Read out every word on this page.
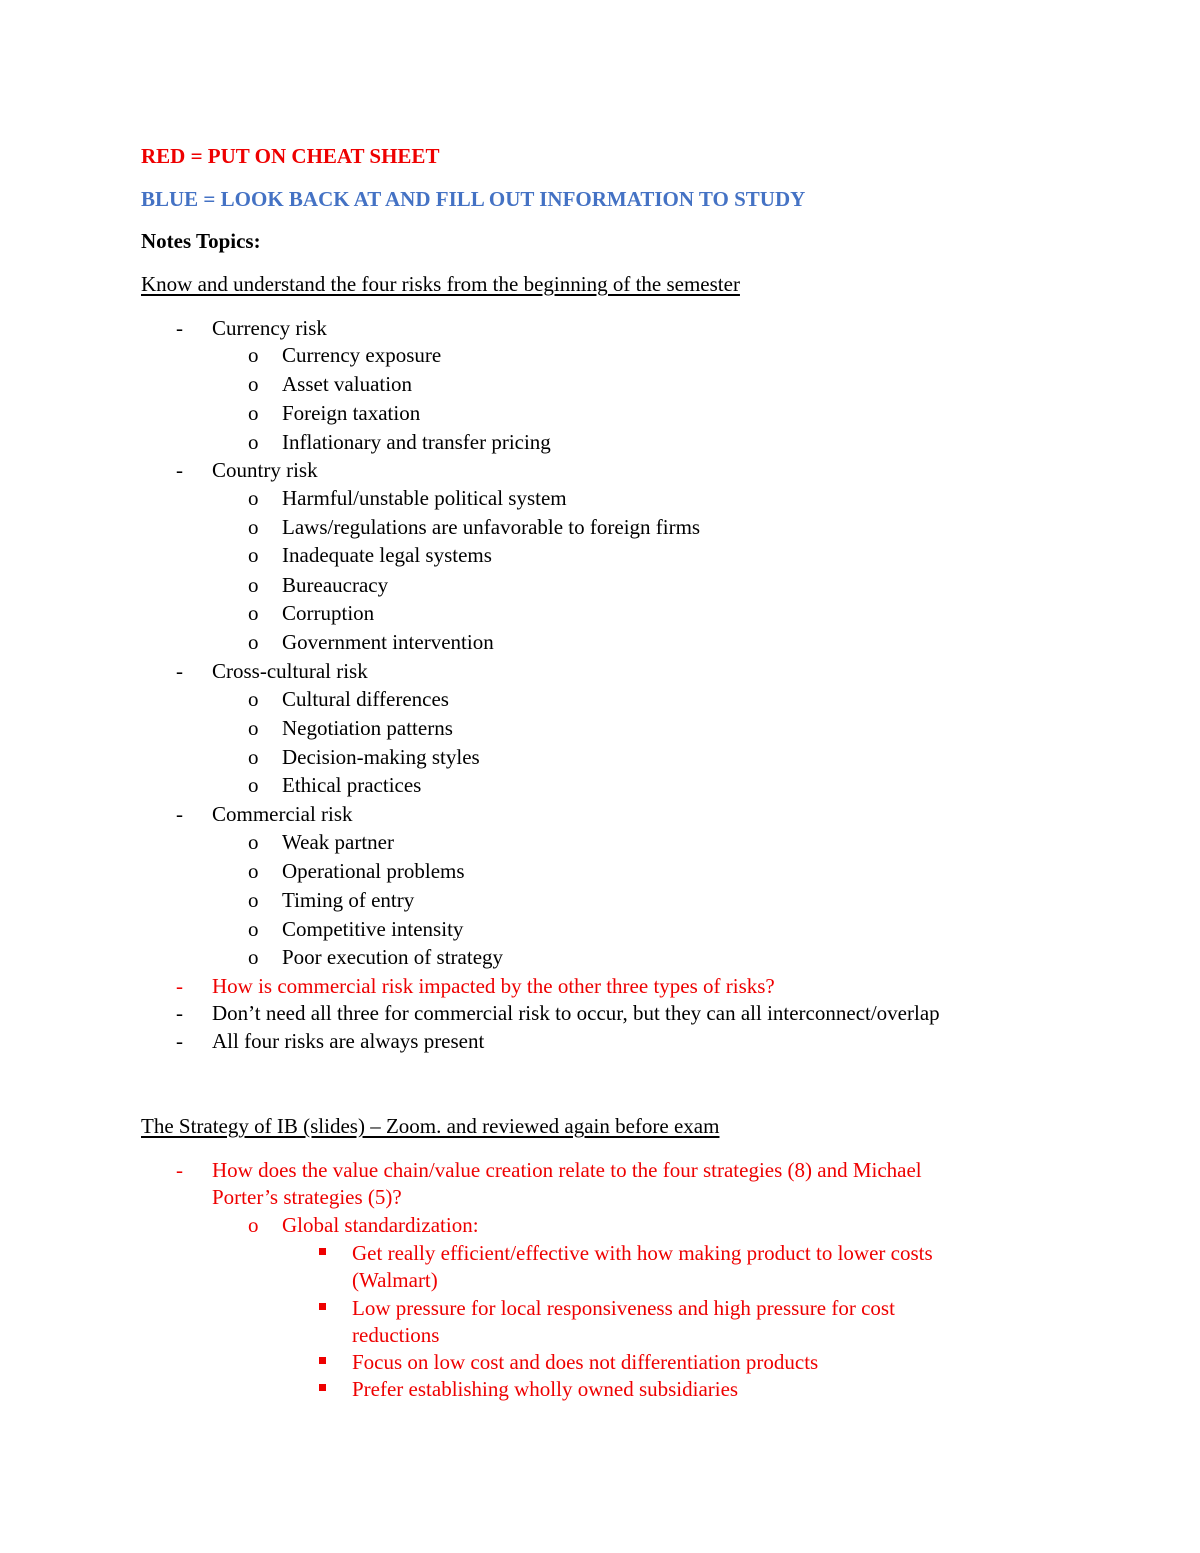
RED = PUT ON CHEAT SHEET
BLUE = LOOK BACK AT AND FILL OUT INFORMATION TO STUDY
Notes Topics:
Know and understand the four risks from the beginning of the semester
- Currency risk
o Currency exposure
o Asset valuation
o Foreign taxation
o Inflationary and transfer pricing
- Country risk
o Harmful/unstable political system
o Laws/regulations are unfavorable to foreign firms
o Inadequate legal systems
o Bureaucracy
o Corruption
o Government intervention
- Cross-cultural risk
o Cultural differences
o Negotiation patterns
o Decision-making styles
o Ethical practices
- Commercial risk
o Weak partner
o Operational problems
o Timing of entry
o Competitive intensity
o Poor execution of strategy
- How is commercial risk impacted by the other three types of risks?
- Don’t need all three for commercial risk to occur, but they can all interconnect/overlap
- All four risks are always present
The Strategy of IB (slides) – Zoom. and reviewed again before exam
- How does the value chain/value creation relate to the four strategies (8) and Michael
Porter’s strategies (5)?
o Global standardization:
Get really efficient/effective with how making product to lower costs
(Walmart)
Low pressure for local responsiveness and high pressure for cost
reductions
Focus on low cost and does not differentiation products
Prefer establishing wholly owned subsidiaries
